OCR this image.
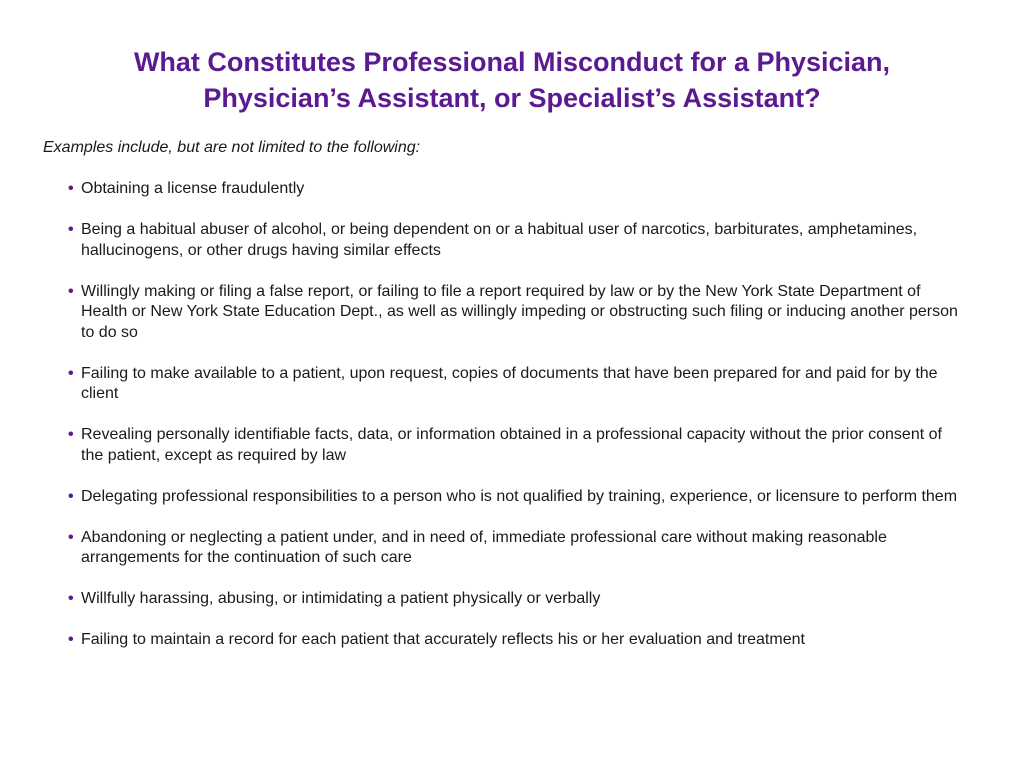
What Constitutes Professional Misconduct for a Physician,
Physician’s Assistant, or Specialist’s Assistant?

Examples include, but are not limited to the following:

• Obtaining a license fraudulently
• Being a habitual abuser of alcohol, or being dependent on or a habitual user of narcotics, barbiturates, amphetamines, hallucinogens, or other drugs having similar effects
• Willingly making or filing a false report, or failing to file a report required by law or by the New York State Department of Health or New York State Education Dept., as well as willingly impeding or obstructing such filing or inducing another person to do so
• Failing to make available to a patient, upon request, copies of documents that have been prepared for and paid for by the client
• Revealing personally identifiable facts, data, or information obtained in a professional capacity without the prior consent of the patient, except as required by law
• Delegating professional responsibilities to a person who is not qualified by training, experience, or licensure to perform them
• Abandoning or neglecting a patient under, and in need of, immediate professional care without making reasonable arrangements for the continuation of such care
• Willfully harassing, abusing, or intimidating a patient physically or verbally
• Failing to maintain a record for each patient that accurately reflects his or her evaluation and treatment
